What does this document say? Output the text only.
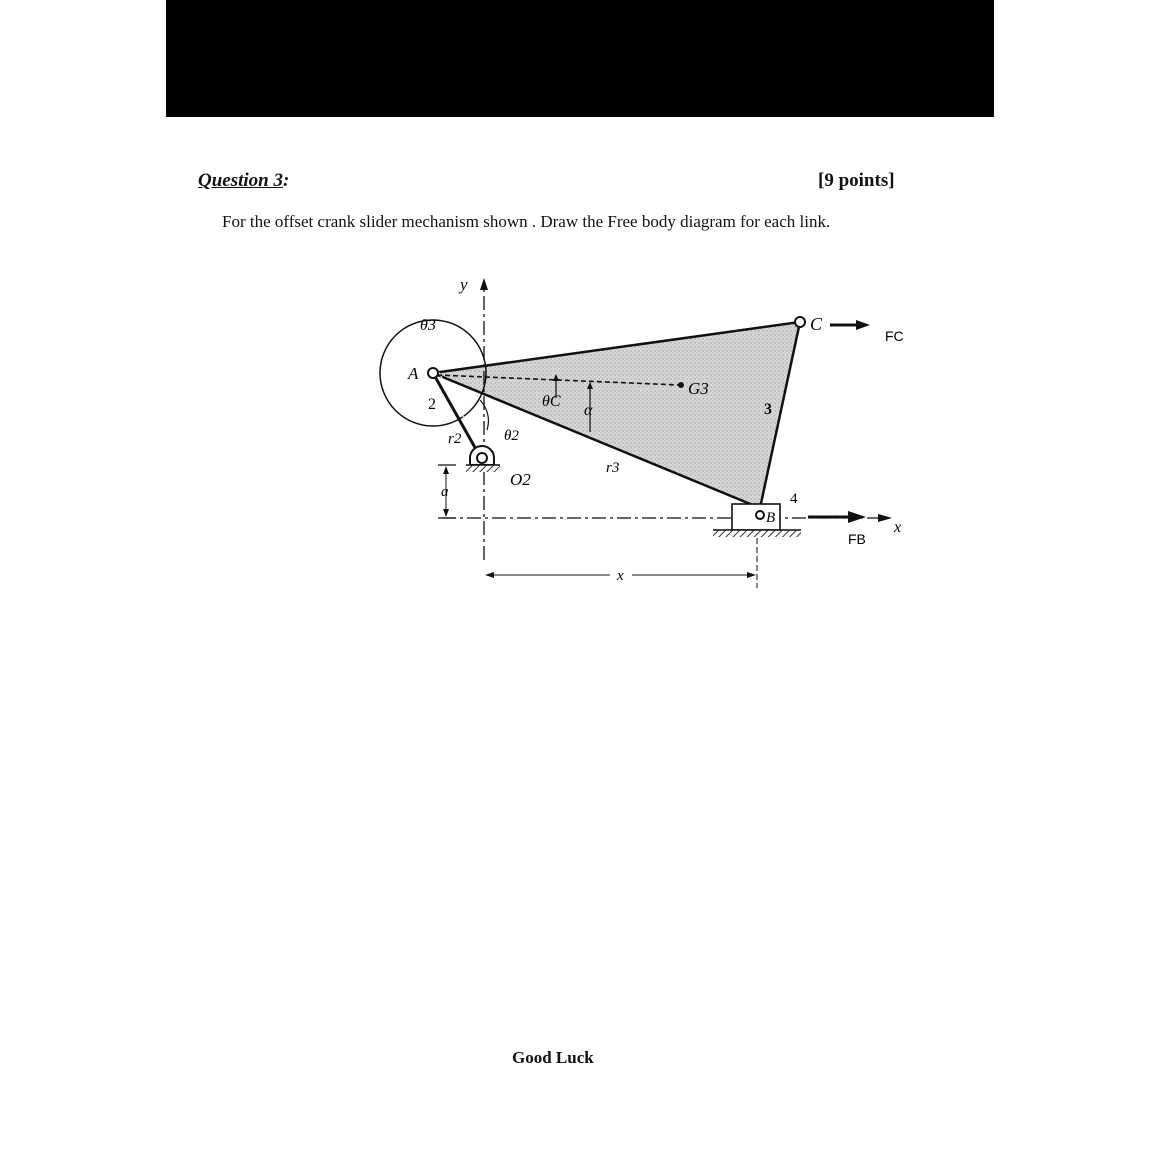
Question 3:	[9 points]
For the offset crank slider mechanism shown . Draw the Free body diagram for each link.
y
x
θ3
O2
A
2
r2	θ2
a
G3
θC
α
r3
3
C
FC
B
4
FB
x
Good Luck
